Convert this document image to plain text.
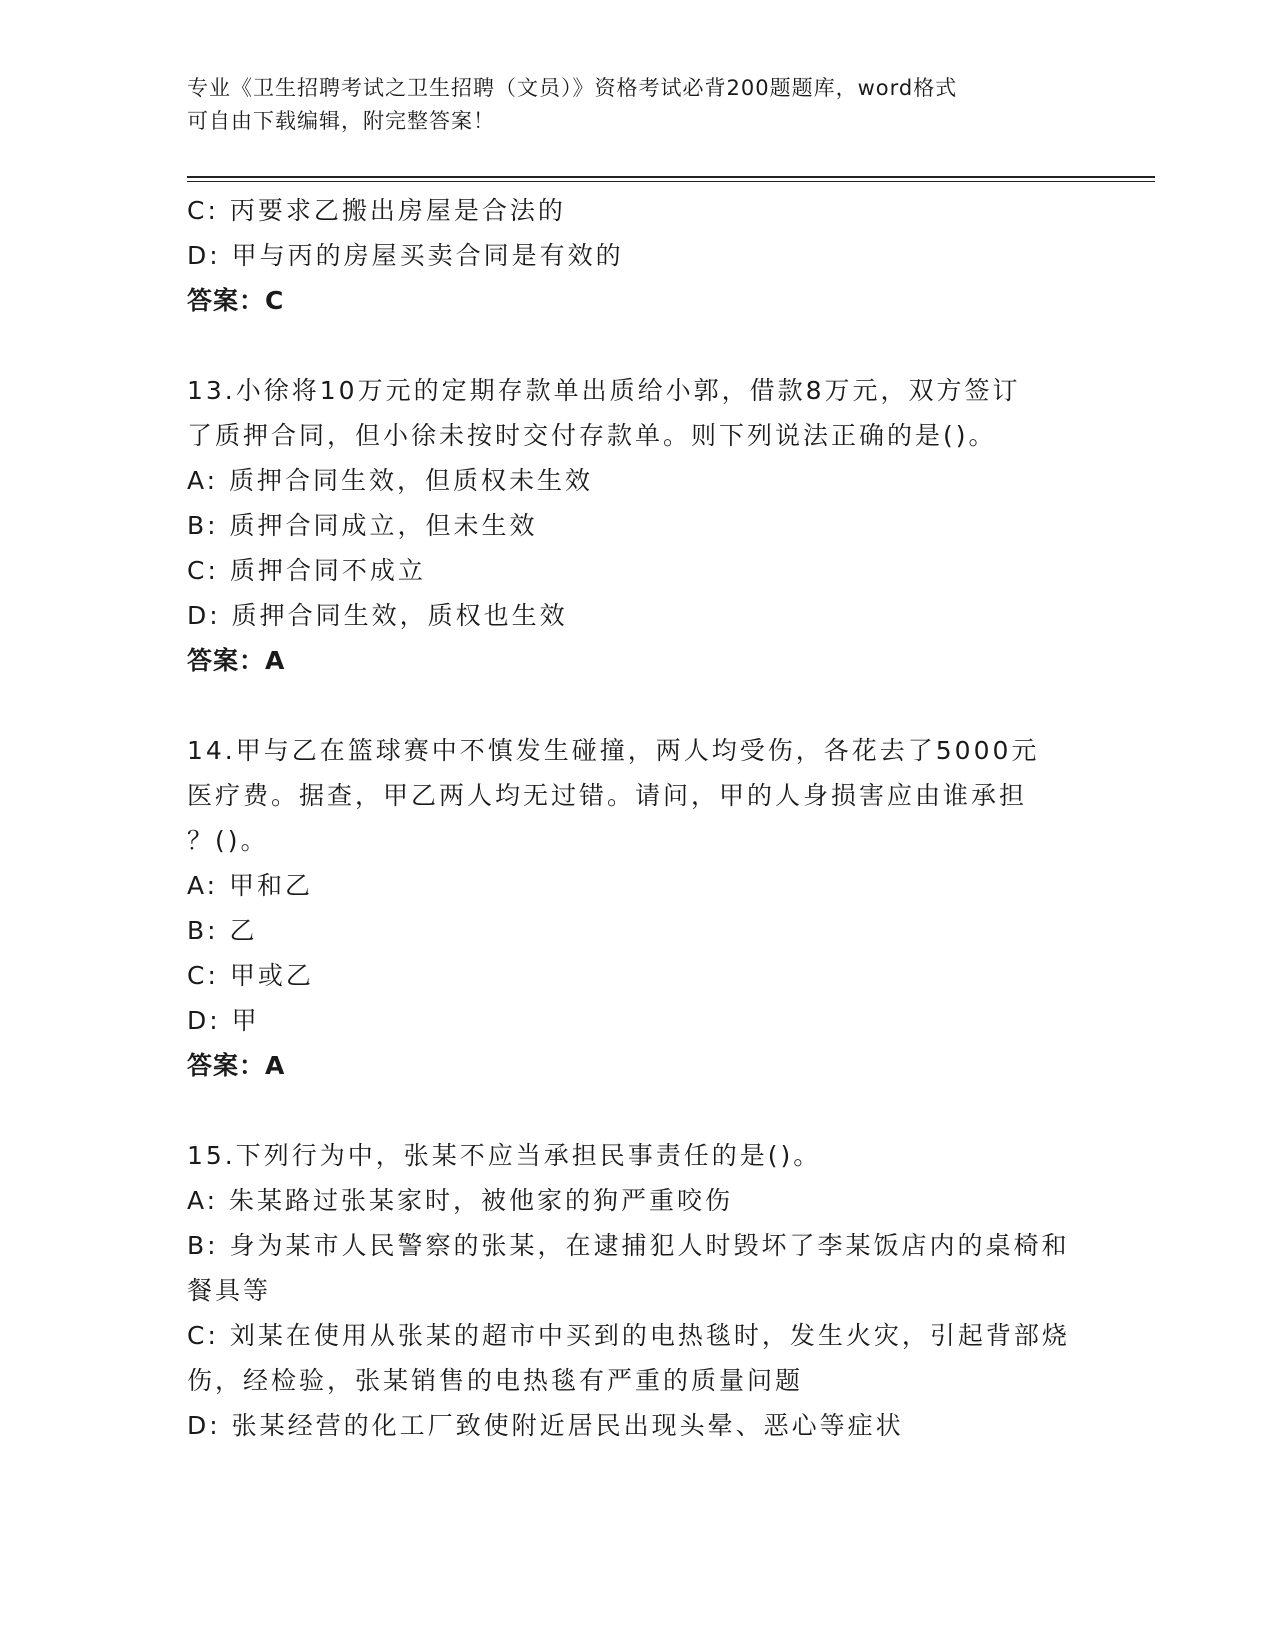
专业《卫生招聘考试之卫生招聘（文员）》资格考试必背200题题库，word格式
可自由下载编辑，附完整答案！
C: 丙要求乙搬出房屋是合法的
D: 甲与丙的房屋买卖合同是有效的
答案：C
13.小徐将10万元的定期存款单出质给小郭，借款8万元，双方签订
了质押合同，但小徐未按时交付存款单。则下列说法正确的是()。
A: 质押合同生效，但质权未生效
B: 质押合同成立，但未生效
C: 质押合同不成立
D: 质押合同生效，质权也生效
答案：A
14.甲与乙在篮球赛中不慎发生碰撞，两人均受伤，各花去了5000元
医疗费。据查，甲乙两人均无过错。请问，甲的人身损害应由谁承担
？()。
A: 甲和乙
B: 乙
C: 甲或乙
D: 甲
答案：A
15.下列行为中，张某不应当承担民事责任的是()。
A: 朱某路过张某家时，被他家的狗严重咬伤
B: 身为某市人民警察的张某，在逮捕犯人时毁坏了李某饭店内的桌椅和餐具等
C: 刘某在使用从张某的超市中买到的电热毯时，发生火灾，引起背部烧伤，经检验，张某销售的电热毯有严重的质量问题
D: 张某经营的化工厂致使附近居民出现头晕、恶心等症状
